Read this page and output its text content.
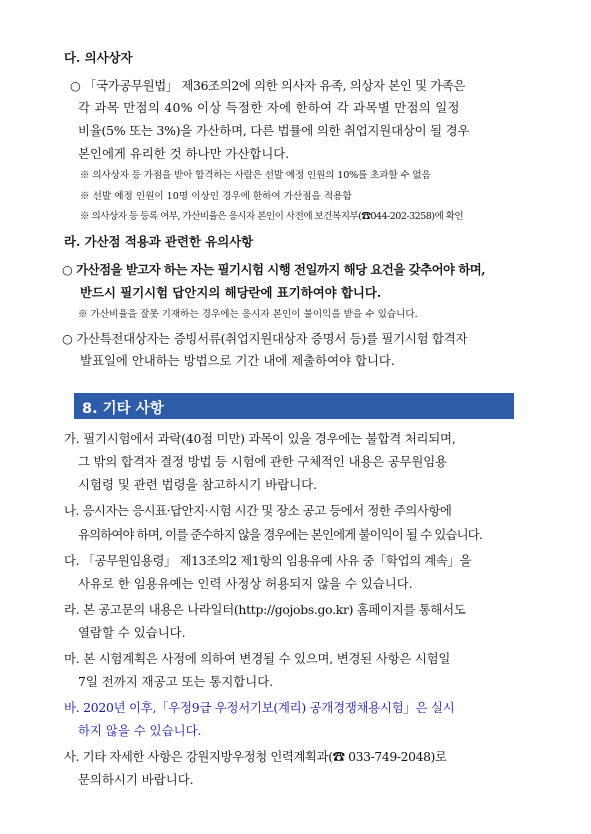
다. 의사상자
○ 「국가공무원법」 제36조의2에 의한 의사자 유족, 의상자 본인 및 가족은
각 과목 만점의 40% 이상 득점한 자에 한하여 각 과목별 만점의 일정
비율(5% 또는 3%)을 가산하며, 다른 법률에 의한 취업지원대상이 될 경우
본인에게 유리한 것 하나만 가산합니다.
※ 의사상자 등 가점을 받아 합격하는 사람은 선발 예정 인원의 10%를 초과할 수 없음
※ 선발 예정 인원이 10명 이상인 경우에 한하여 가산점을 적용함
※ 의사상자 등 등록 여부, 가산비율은 응시자 본인이 사전에 보건복지부(☎044-202-3258)에 확인
라. 가산점 적용과 관련한 유의사항
○ 가산점을 받고자 하는 자는 필기시험 시행 전일까지 해당 요건을 갖추어야 하며,
반드시 필기시험 답안지의 해당란에 표기하여야 합니다.
※ 가산비율을 잘못 기재하는 경우에는 응시자 본인이 불이익을 받을 수 있습니다.
○ 가산특전대상자는 증빙서류(취업지원대상자 증명서 등)를 필기시험 합격자
발표일에 안내하는 방법으로 기간 내에 제출하여야 합니다.
8. 기타 사항
가. 필기시험에서 과락(40점 미만) 과목이 있을 경우에는 불합격 처리되며,
그 밖의 합격자 결정 방법 등 시험에 관한 구체적인 내용은 공무원임용
시험령 및 관련 법령을 참고하시기 바랍니다.
나. 응시자는 응시표·답안지·시험 시간 및 장소 공고 등에서 정한 주의사항에
유의하여야 하며, 이를 준수하지 않을 경우에는 본인에게 불이익이 될 수 있습니다.
다. 「공무원임용령」 제13조의2 제1항의 임용유예 사유 중「학업의 계속」을
사유로 한 임용유예는 인력 사정상 허용되지 않을 수 있습니다.
라. 본 공고문의 내용은 나라일터(http://gojobs.go.kr) 홈페이지를 통해서도
열람할 수 있습니다.
마. 본 시험계획은 사정에 의하여 변경될 수 있으며, 변경된 사항은 시험일
7일 전까지 재공고 또는 통지합니다.
바. 2020년 이후,「우정9급 우정서기보(계리) 공개경쟁채용시험」은 실시
하지 않을 수 있습니다.
사. 기타 자세한 사항은 강원지방우정청 인력계획과(☎ 033-749-2048)로
문의하시기 바랍니다.
